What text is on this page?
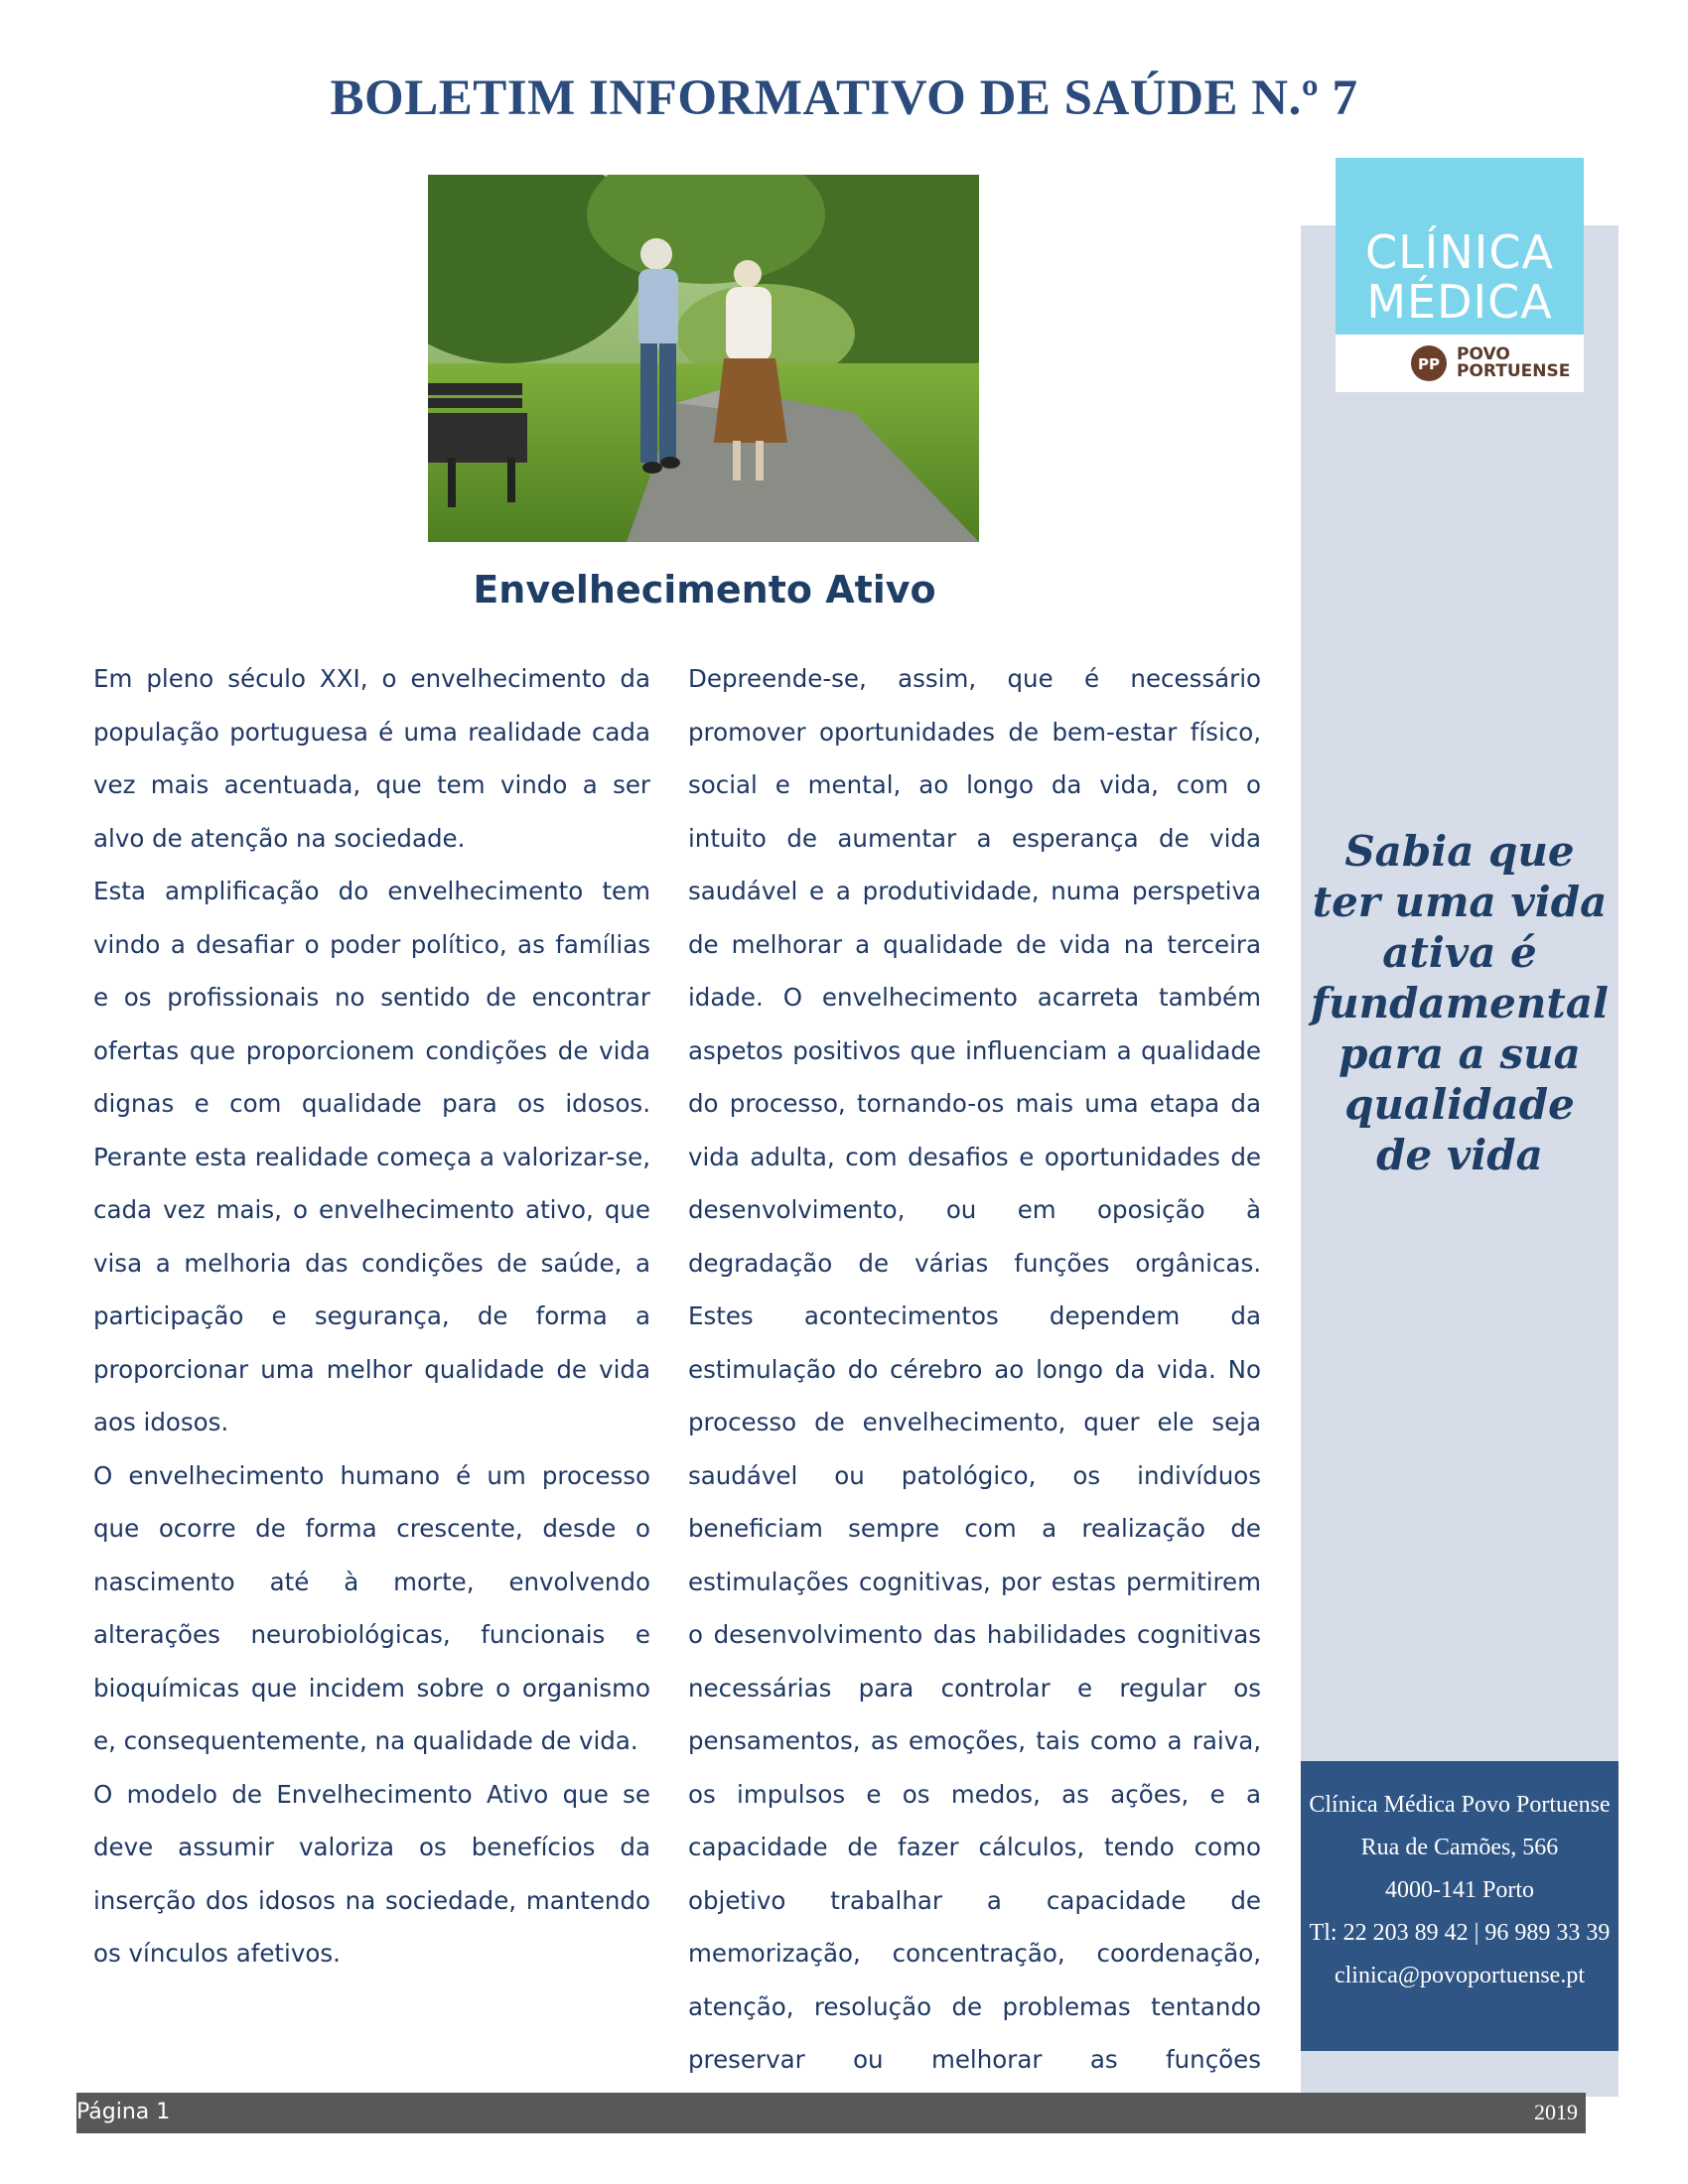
BOLETIM INFORMATIVO DE SAÚDE N.º 7
Envelhecimento Ativo

Em pleno século XXI, o envelhecimento da população portuguesa é uma realidade cada vez mais acentuada, que tem vindo a ser alvo de atenção na sociedade.

Esta amplificação do envelhecimento tem vindo a desafiar o poder político, as famílias e os profissionais no sentido de encontrar ofertas que proporcionem condições de vida dignas e com qualidade para os idosos. Perante esta realidade começa a valorizar-se, cada vez mais, o envelhecimento ativo, que visa a melhoria das condições de saúde, a participação e segurança, de forma a proporcionar uma melhor qualidade de vida aos idosos.

O envelhecimento humano é um processo que ocorre de forma crescente, desde o nascimento até à morte, envolvendo alterações neurobiológicas, funcionais e bioquímicas que incidem sobre o organismo e, consequentemente, na qualidade de vida.

O modelo de Envelhecimento Ativo que se deve assumir valoriza os benefícios da inserção dos idosos na sociedade, mantendo os vínculos afetivos.

Depreende-se, assim, que é necessário promover oportunidades de bem-estar físico, social e mental, ao longo da vida, com o intuito de aumentar a esperança de vida saudável e a produtividade, numa perspetiva de melhorar a qualidade de vida na terceira idade. O envelhecimento acarreta também aspetos positivos que influenciam a qualidade do processo, tornando-os mais uma etapa da vida adulta, com desafios e oportunidades de desenvolvimento, ou em oposição à degradação de várias funções orgânicas. Estes acontecimentos dependem da estimulação do cérebro ao longo da vida. No processo de envelhecimento, quer ele seja saudável ou patológico, os indivíduos beneficiam sempre com a realização de estimulações cognitivas, por estas permitirem o desenvolvimento das habilidades cognitivas necessárias para controlar e regular os pensamentos, as emoções, tais como a raiva, os impulsos e os medos, as ações, e a capacidade de fazer cálculos, tendo como objetivo trabalhar a capacidade de memorização, concentração, coordenação, atenção, resolução de problemas tentando preservar ou melhorar as funções

CLÍNICA
MÉDICA
PP POVO
PORTUENSE
Sabia que ter uma vida ativa é fundamental para a sua qualidade de vida
Clínica Médica Povo Portuense
Rua de Camões, 566
4000-141 Porto
Tl: 22 203 89 42 | 96 989 33 39
clinica@povoportuense.pt
Página 1	2019
